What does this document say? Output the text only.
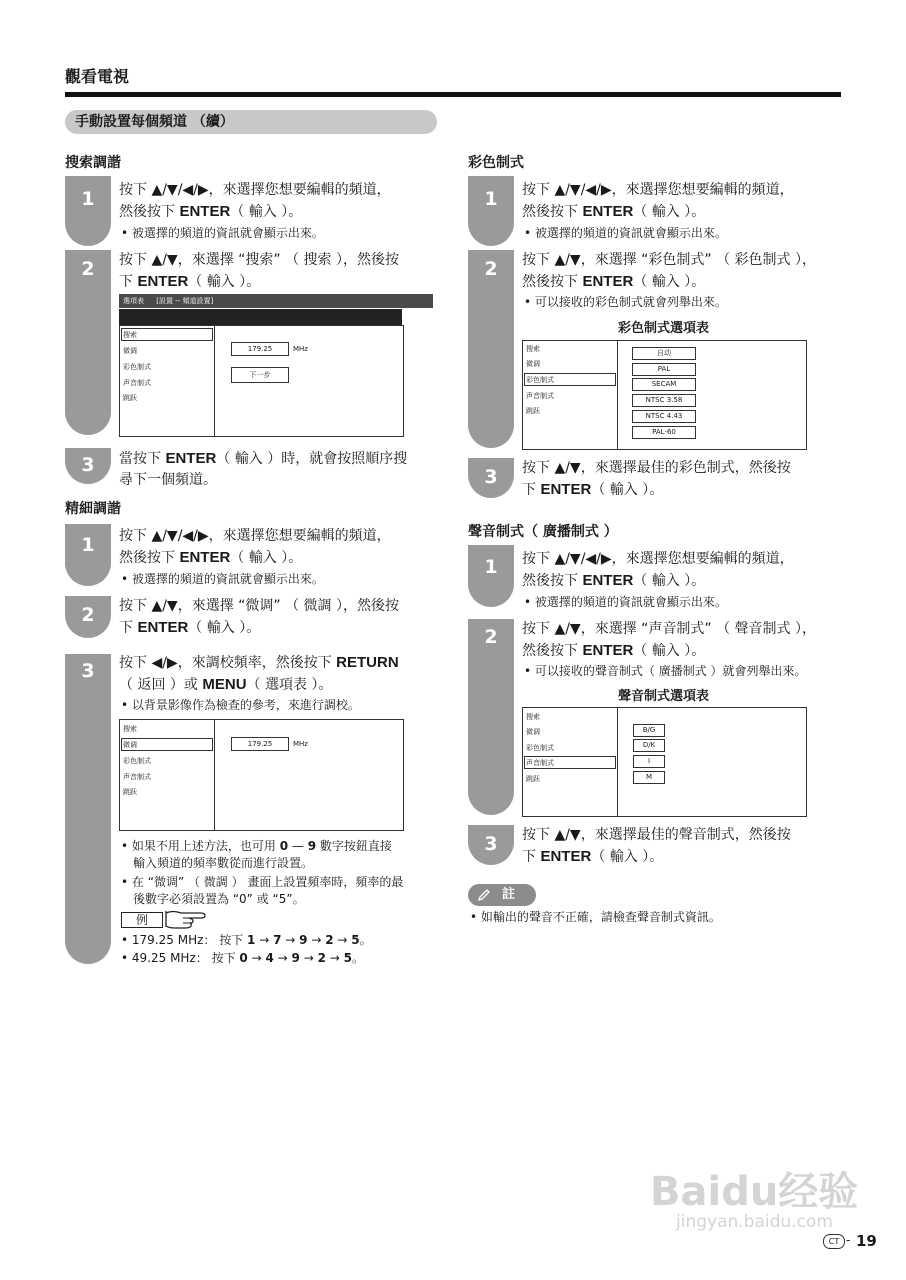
觀看電視
手動設置每個頻道 （續）
搜索調諧
1	按下 ▲/▼/◀/▶，來選擇您想要編輯的頻道，
然後按下 ENTER（ 輸入 ）。
• 被選擇的頻道的資訊就會顯示出來。
2	按下 ▲/▼，來選擇 “搜索” （ 搜索 ），然後按
下 ENTER（ 輸入 ）。
選項表 [設置 -- 頻道設置]
搜索
微调
彩色制式
声音制式
跳跃
179.25	MHz
下一步
3	當按下 ENTER（ 輸入 ）時，就會按照順序搜
尋下一個頻道。
精細調諧
1	按下 ▲/▼/◀/▶，來選擇您想要編輯的頻道，
然後按下 ENTER（ 輸入 ）。
• 被選擇的頻道的資訊就會顯示出來。
2	按下 ▲/▼，來選擇 “微调” （ 微調 ），然後按
下 ENTER（ 輸入 ）。
3	按下 ◀/▶，來調校頻率，然後按下 RETURN
（ 返回 ）或 MENU（ 選項表 ）。
• 以背景影像作為檢查的參考，來進行調校。
搜索
微调
彩色制式
声音制式
跳跃
179.25	MHz
• 如果不用上述方法，也可用 0 — 9 數字按鈕直接
輸入頻道的頻率數從而進行設置。
• 在 “微调” （ 微調 ） 畫面上設置頻率時，頻率的最
後數字必須設置為 “0” 或 “5”。
例
• 179.25 MHz： 按下 1 → 7 → 9 → 2 → 5。
• 49.25 MHz： 按下 0 → 4 → 9 → 2 → 5。
彩色制式
1	按下 ▲/▼/◀/▶，來選擇您想要編輯的頻道，
然後按下 ENTER（ 輸入 ）。
• 被選擇的頻道的資訊就會顯示出來。
2	按下 ▲/▼，來選擇 “彩色制式” （ 彩色制式 ），
然後按下 ENTER（ 輸入 ）。
• 可以接收的彩色制式就會列舉出來。
彩色制式選項表
搜索
微调
彩色制式
声音制式
跳跃
自动
PAL
SECAM
NTSC 3.58
NTSC 4.43
PAL-60
3	按下 ▲/▼，來選擇最佳的彩色制式，然後按
下 ENTER（ 輸入 ）。
聲音制式（ 廣播制式 ）
1	按下 ▲/▼/◀/▶，來選擇您想要編輯的頻道，
然後按下 ENTER（ 輸入 ）。
• 被選擇的頻道的資訊就會顯示出來。
2	按下 ▲/▼，來選擇 “声音制式” （ 聲音制式 ），
然後按下 ENTER（ 輸入 ）。
• 可以接收的聲音制式（ 廣播制式 ）就會列舉出來。
聲音制式選項表
搜索
微调
彩色制式
声音制式
跳跃
B/G
D/K
I
M
3	按下 ▲/▼，來選擇最佳的聲音制式，然後按
下 ENTER（ 輸入 ）。
註
• 如輸出的聲音不正確，請檢查聲音制式資訊。
Baidu经验
jingyan.baidu.com
CT - 19
